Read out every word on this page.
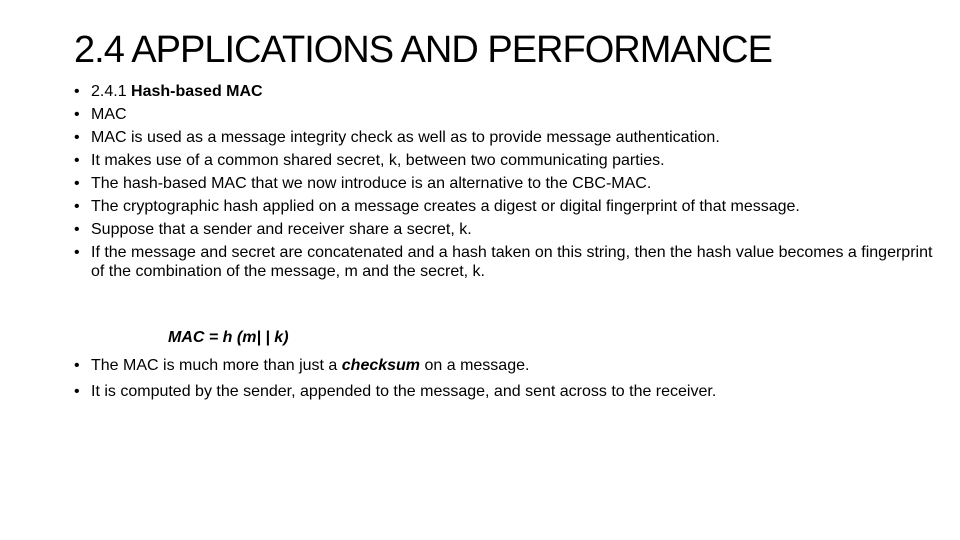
2.4 APPLICATIONS AND PERFORMANCE
• 2.4.1 Hash-based MAC
• MAC
• MAC is used as a message integrity check as well as to provide message authentication.
• It makes use of a common shared secret, k, between two communicating parties.
• The hash-based MAC that we now introduce is an alternative to the CBC-MAC.
• The cryptographic hash applied on a message creates a digest or digital fingerprint of that message.
• Suppose that a sender and receiver share a secret, k.
• If the message and secret are concatenated and a hash taken on this string, then the hash value becomes a fingerprint of the combination of the message, m and the secret, k.
MAC = h (m| | k)
• The MAC is much more than just a checksum on a message.
• It is computed by the sender, appended to the message, and sent across to the receiver.
